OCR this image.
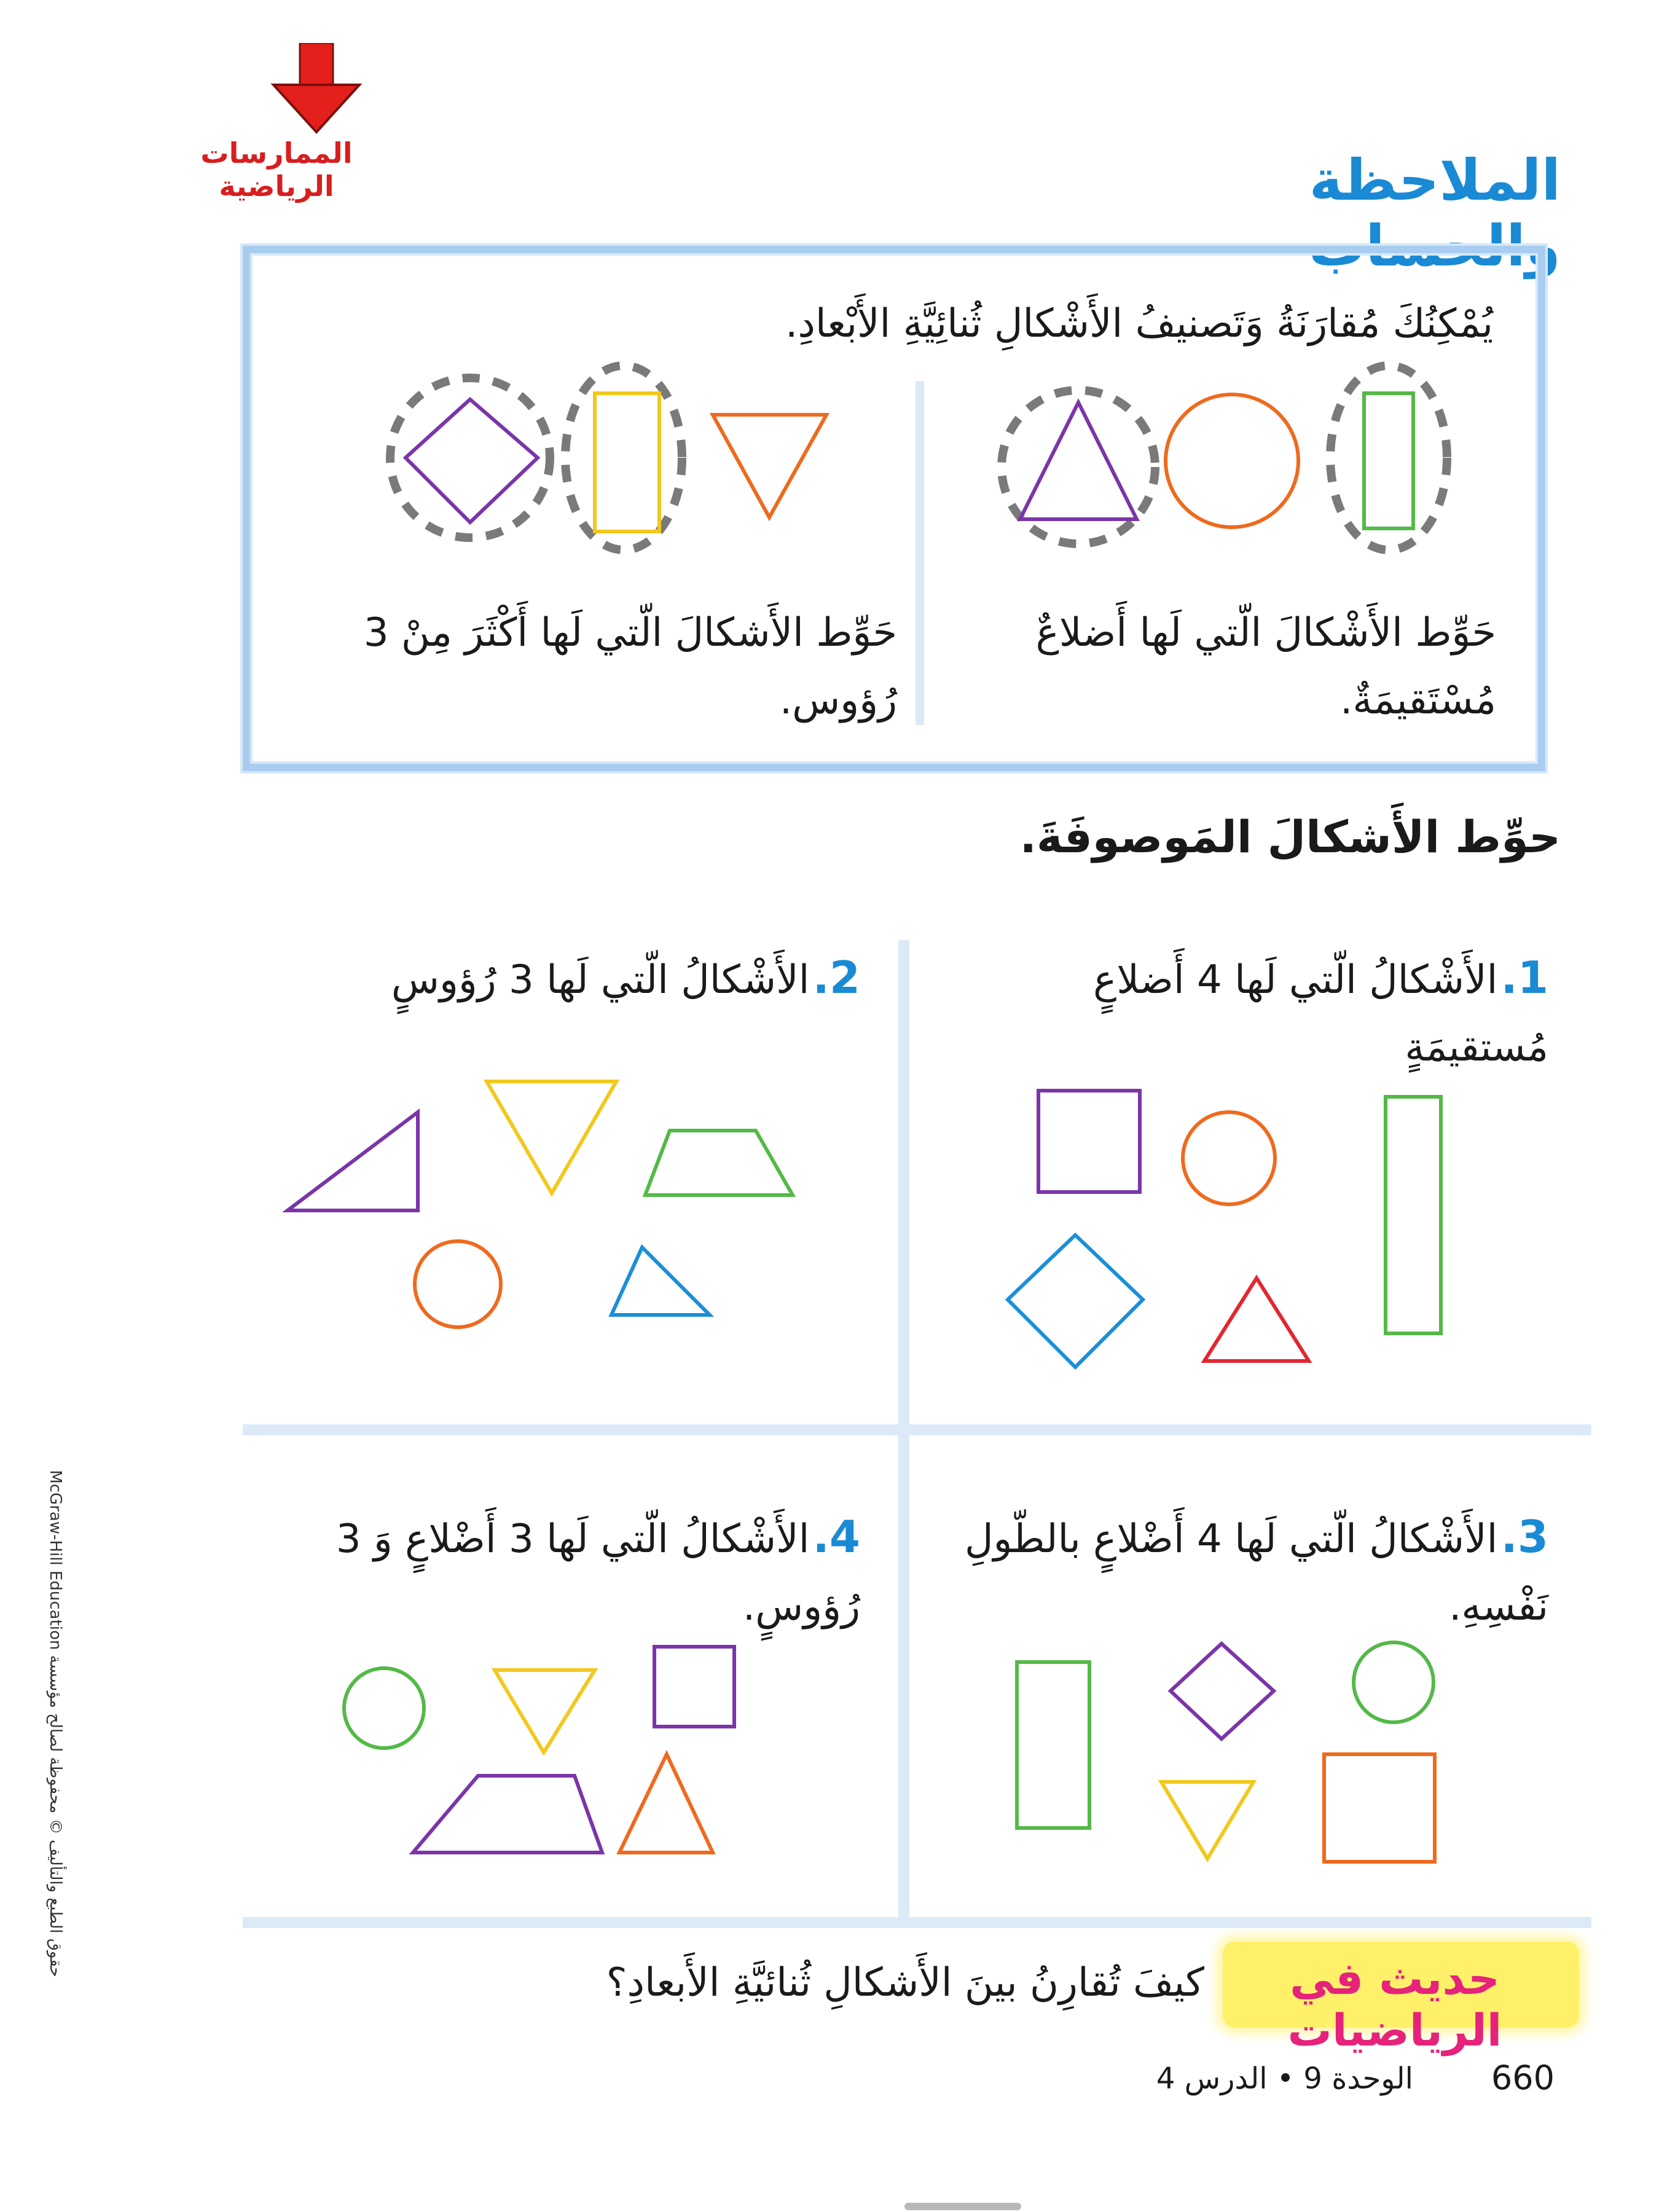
الممارسات الرياضية	الملاحظة والحساب
يُمْكِنُكَ مُقارَنَةُ وَتَصنيفُ الأَشْكالِ ثُنائِيَّةِ الأَبْعادِ.
حَوِّط الأَشْكالَ الّتي لَها أَضلاعٌ مُسْتَقيمَةٌ.
حَوِّط الأَشكالَ الّتي لَها أَكْثَرَ مِنْ 3 رُؤوس.
حوِّط الأَشكالَ المَوصوفَةَ.
1. الأَشْكالُ الّتي لَها 4 أَضلاعٍ مُستقيمَةٍ
2. الأَشْكالُ الّتي لَها 3 رُؤوسٍ
3. الأَشْكالُ الّتي لَها 4 أَضْلاعٍ بالطّولِ نَفْسِهِ.
4. الأَشْكالُ الّتي لَها 3 أَضْلاعٍ وَ 3 رُؤوسٍ.
حديث في الرياضيات
كيفَ تُقارِنُ بينَ الأَشكالِ ثُنائيَّةِ الأَبعادِ؟
660
الوحدة 9 • الدرس 4
McGraw-Hill Education حقوق الطبع والتأليف © محفوظة لصالح مؤسسة
